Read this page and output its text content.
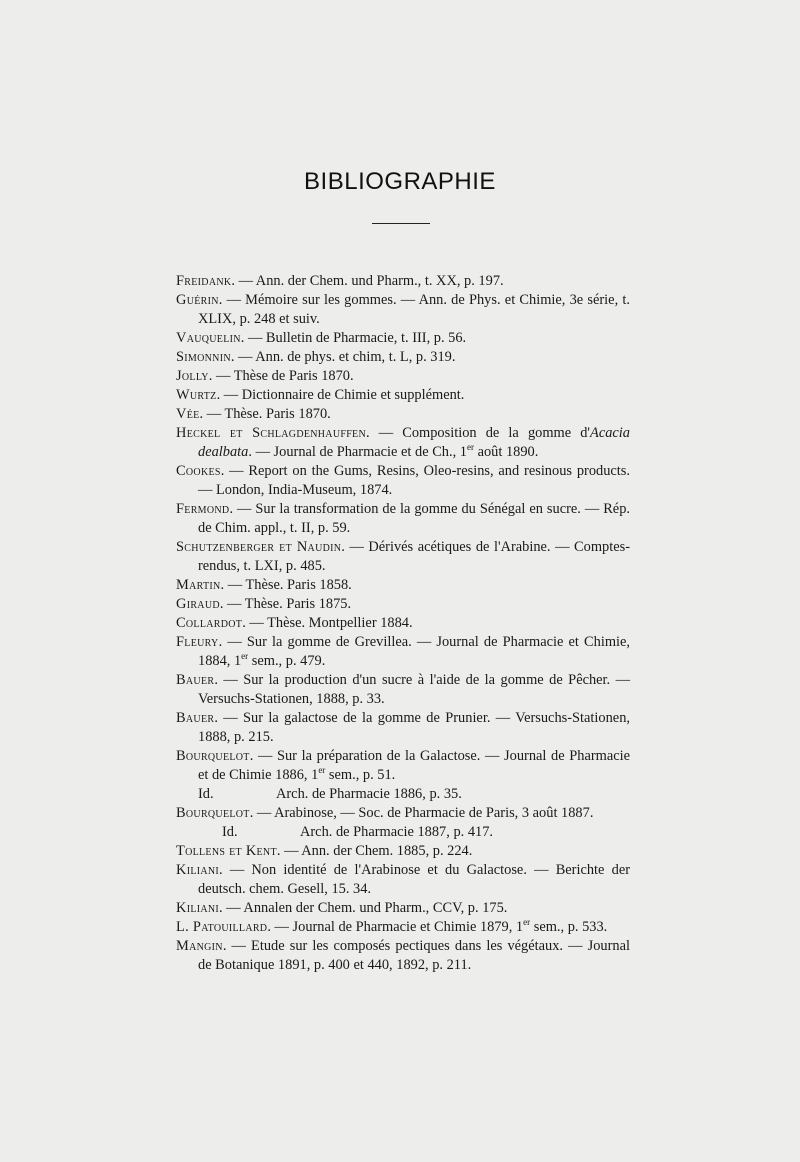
BIBLIOGRAPHIE

Freidank. — Ann. der Chem. und Pharm., t. XX, p. 197.

Guérin. — Mémoire sur les gommes. — Ann. de Phys. et Chimie, 3e série, t. XLIX, p. 248 et suiv.

Vauquelin. — Bulletin de Pharmacie, t. III, p. 56.

Simonnin. — Ann. de phys. et chim, t. L, p. 319.

Jolly. — Thèse de Paris 1870.

Wurtz. — Dictionnaire de Chimie et supplément.

Vée. — Thèse. Paris 1870.

Heckel et Schlagdenhauffen. — Composition de la gomme d'Acacia dealbata. — Journal de Pharmacie et de Ch., 1er août 1890.

Cookes. — Report on the Gums, Resins, Oleo-resins, and resinous products. — London, India-Museum, 1874.

Fermond. — Sur la transformation de la gomme du Sénégal en sucre. — Rép. de Chim. appl., t. II, p. 59.

Schutzenberger et Naudin. — Dérivés acétiques de l'Arabine. — Comptes-rendus, t. LXI, p. 485.

Martin. — Thèse. Paris 1858.

Giraud. — Thèse. Paris 1875.

Collardot. — Thèse. Montpellier 1884.

Fleury. — Sur la gomme de Grevillea. — Journal de Pharmacie et Chimie, 1884, 1er sem., p. 479.

Bauer. — Sur la production d'un sucre à l'aide de la gomme de Pêcher. — Versuchs-Stationen, 1888, p. 33.

Bauer. — Sur la galactose de la gomme de Prunier. — Versuchs-Stationen, 1888, p. 215.

Bourquelot. — Sur la préparation de la Galactose. — Journal de Pharmacie et de Chimie 1886, 1er sem., p. 51.

Id.	Arch. de Pharmacie 1886, p. 35.

Bourquelot. — Arabinose, — Soc. de Pharmacie de Paris, 3 août 1887.

Id.	Arch. de Pharmacie 1887, p. 417.

Tollens et Kent. — Ann. der Chem. 1885, p. 224.

Kiliani. — Non identité de l'Arabinose et du Galactose. — Berichte der deutsch. chem. Gesell, 15. 34.

Kiliani. — Annalen der Chem. und Pharm., CCV, p. 175.

L. Patouillard. — Journal de Pharmacie et Chimie 1879, 1er sem., p. 533.

Mangin. — Etude sur les composés pectiques dans les végétaux. — Journal de Botanique 1891, p. 400 et 440, 1892, p. 211.
